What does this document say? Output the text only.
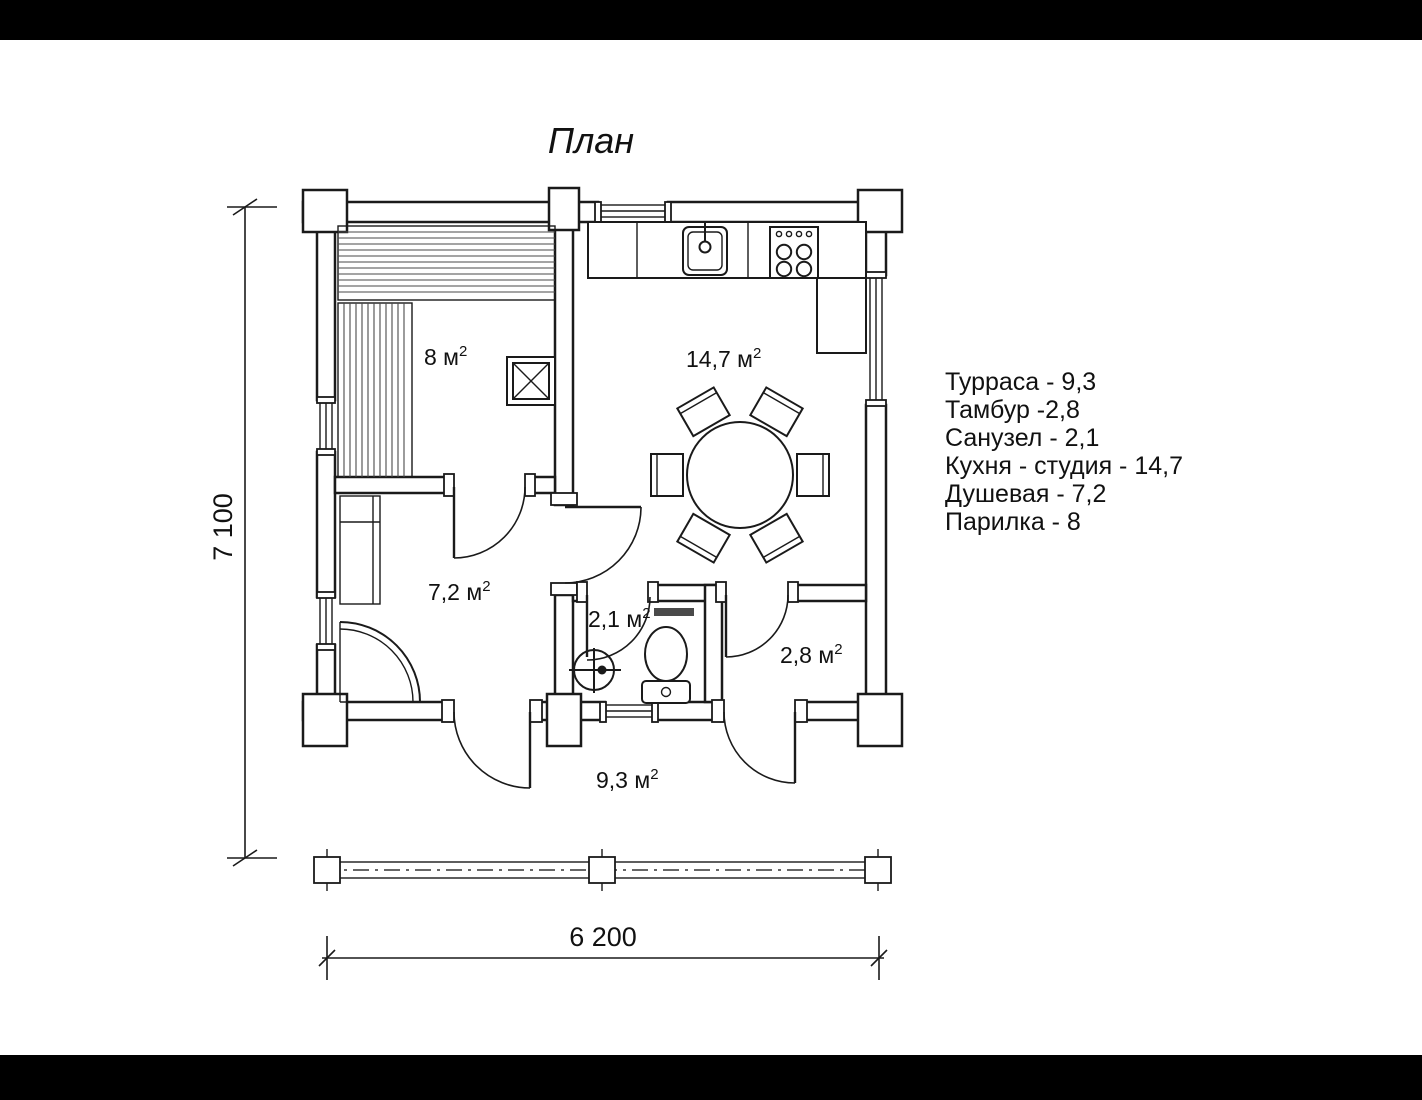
План
8 $м^2$	14,7 $м^2$
7,2 $м^2$
2,1 $м^2$
2,8 $м^2$
9,3 $м^2$
7 100
6 200
Турраса - 9,3
Тамбур -2,8
Санузел - 2,1
Кухня - студия - 14,7
Душевая - 7,2
Парилка - 8
